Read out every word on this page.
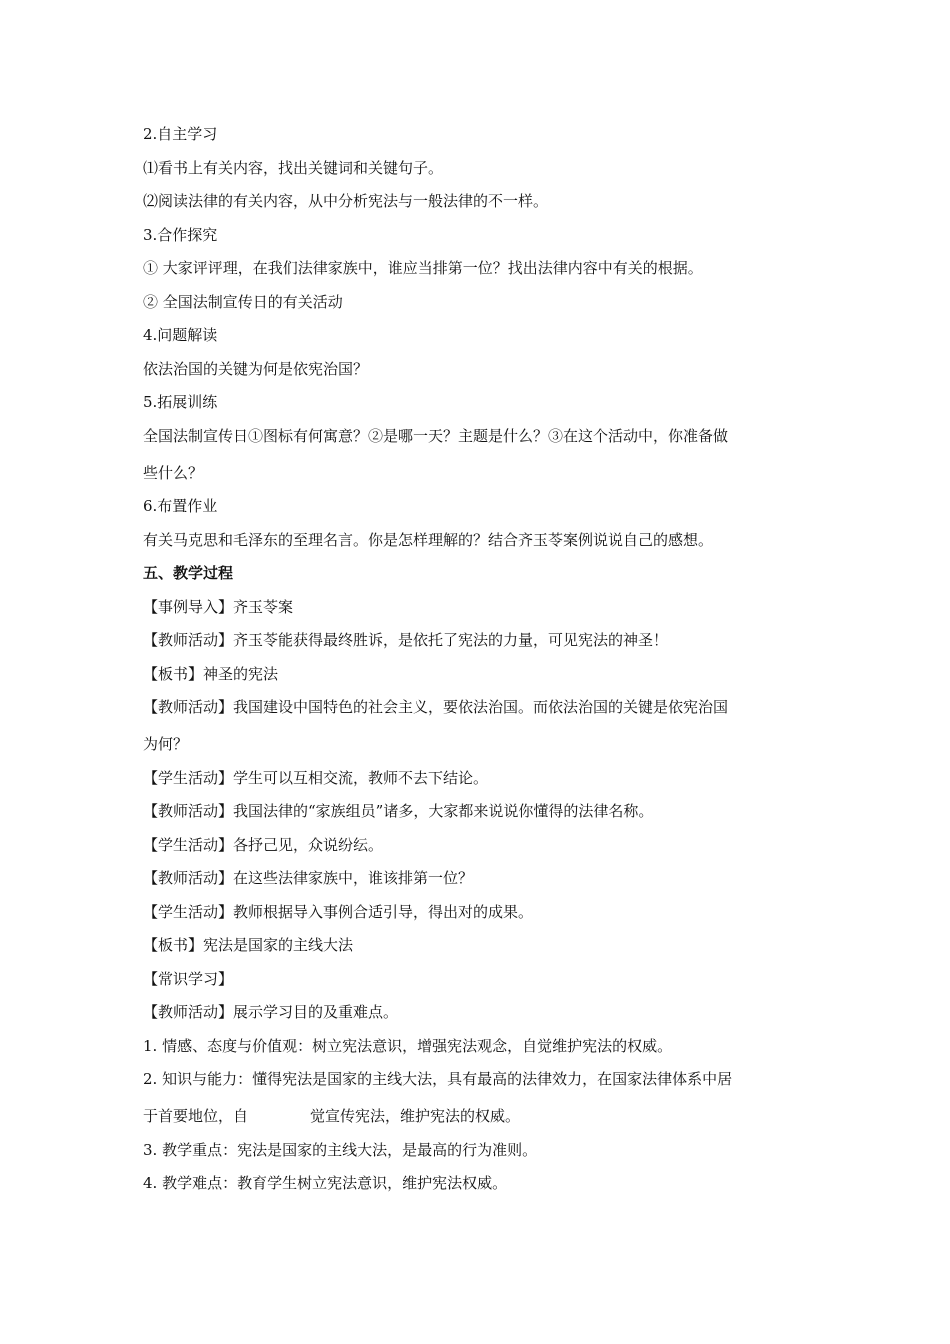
2.自主学习

⑴看书上有关内容，找出关键词和关键句子。

⑵阅读法律的有关内容，从中分析宪法与一般法律的不一样。

3.合作探究

① 大家评评理，在我们法律家族中，谁应当排第一位？找出法律内容中有关的根据。

② 全国法制宣传日的有关活动

4.问题解读

依法治国的关键为何是依宪治国？

5.拓展训练

全国法制宣传日①图标有何寓意？②是哪一天？主题是什么？③在这个活动中，你准备做

些什么？

6.布置作业

有关马克思和毛泽东的至理名言。你是怎样理解的？结合齐玉苓案例说说自己的感想。

五、教学过程

【事例导入】齐玉苓案

【教师活动】齐玉苓能获得最终胜诉，是依托了宪法的力量，可见宪法的神圣！

【板书】神圣的宪法

【教师活动】我国建设中国特色的社会主义，要依法治国。而依法治国的关键是依宪治国

为何？

【学生活动】学生可以互相交流，教师不去下结论。

【教师活动】我国法律的“家族组员”诸多，大家都来说说你懂得的法律名称。

【学生活动】各抒己见，众说纷纭。

【教师活动】在这些法律家族中，谁该排第一位？

【学生活动】教师根据导入事例合适引导，得出对的成果。

【板书】宪法是国家的主线大法

【常识学习】

【教师活动】展示学习目的及重难点。

1. 情感、态度与价值观：树立宪法意识，增强宪法观念，自觉维护宪法的权威。

2. 知识与能力：懂得宪法是国家的主线大法，具有最高的法律效力，在国家法律体系中居

于首要地位，自	觉宣传宪法，维护宪法的权威。

3. 教学重点：宪法是国家的主线大法，是最高的行为准则。

4. 教学难点：教育学生树立宪法意识，维护宪法权威。
